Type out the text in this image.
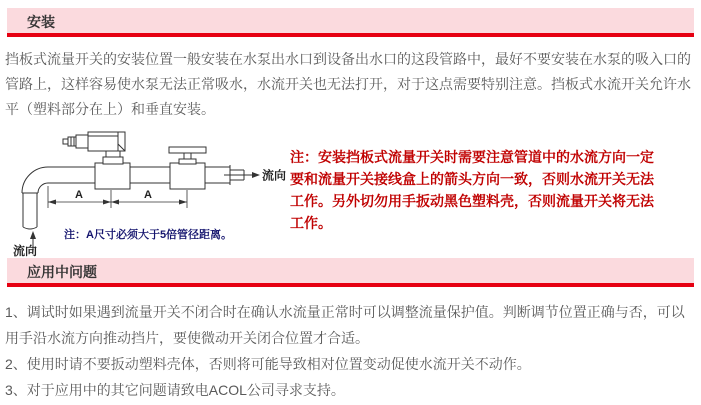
安装

挡板式流量开关的安装位置一般安装在水泵出水口到设备出水口的这段管路中，最好不要安装在水泵的吸入口的管路上，这样容易使水泵无法正常吸水，水流开关也无法打开，对于这点需要特别注意。挡板式水流开关允许水平（塑料部分在上）和垂直安装。

流向
流向
A	A
注：A尺寸必须大于5倍管径距离。

注：安装挡板式流量开关时需要注意管道中的水流方向一定要和流量开关接线盒上的箭头方向一致，否则水流开关无法工作。另外切勿用手扳动黑色塑料壳，否则流量开关将无法工作。

应用中问题

1、调试时如果遇到流量开关不闭合时在确认水流量正常时可以调整流量保护值。判断调节位置正确与否，可以用手沿水流方向推动挡片，要使微动开关闭合位置才合适。

2、使用时请不要扳动塑料壳体，否则将可能导致相对位置变动促使水流开关不动作。

3、对于应用中的其它问题请致电ACOL公司寻求支持。
